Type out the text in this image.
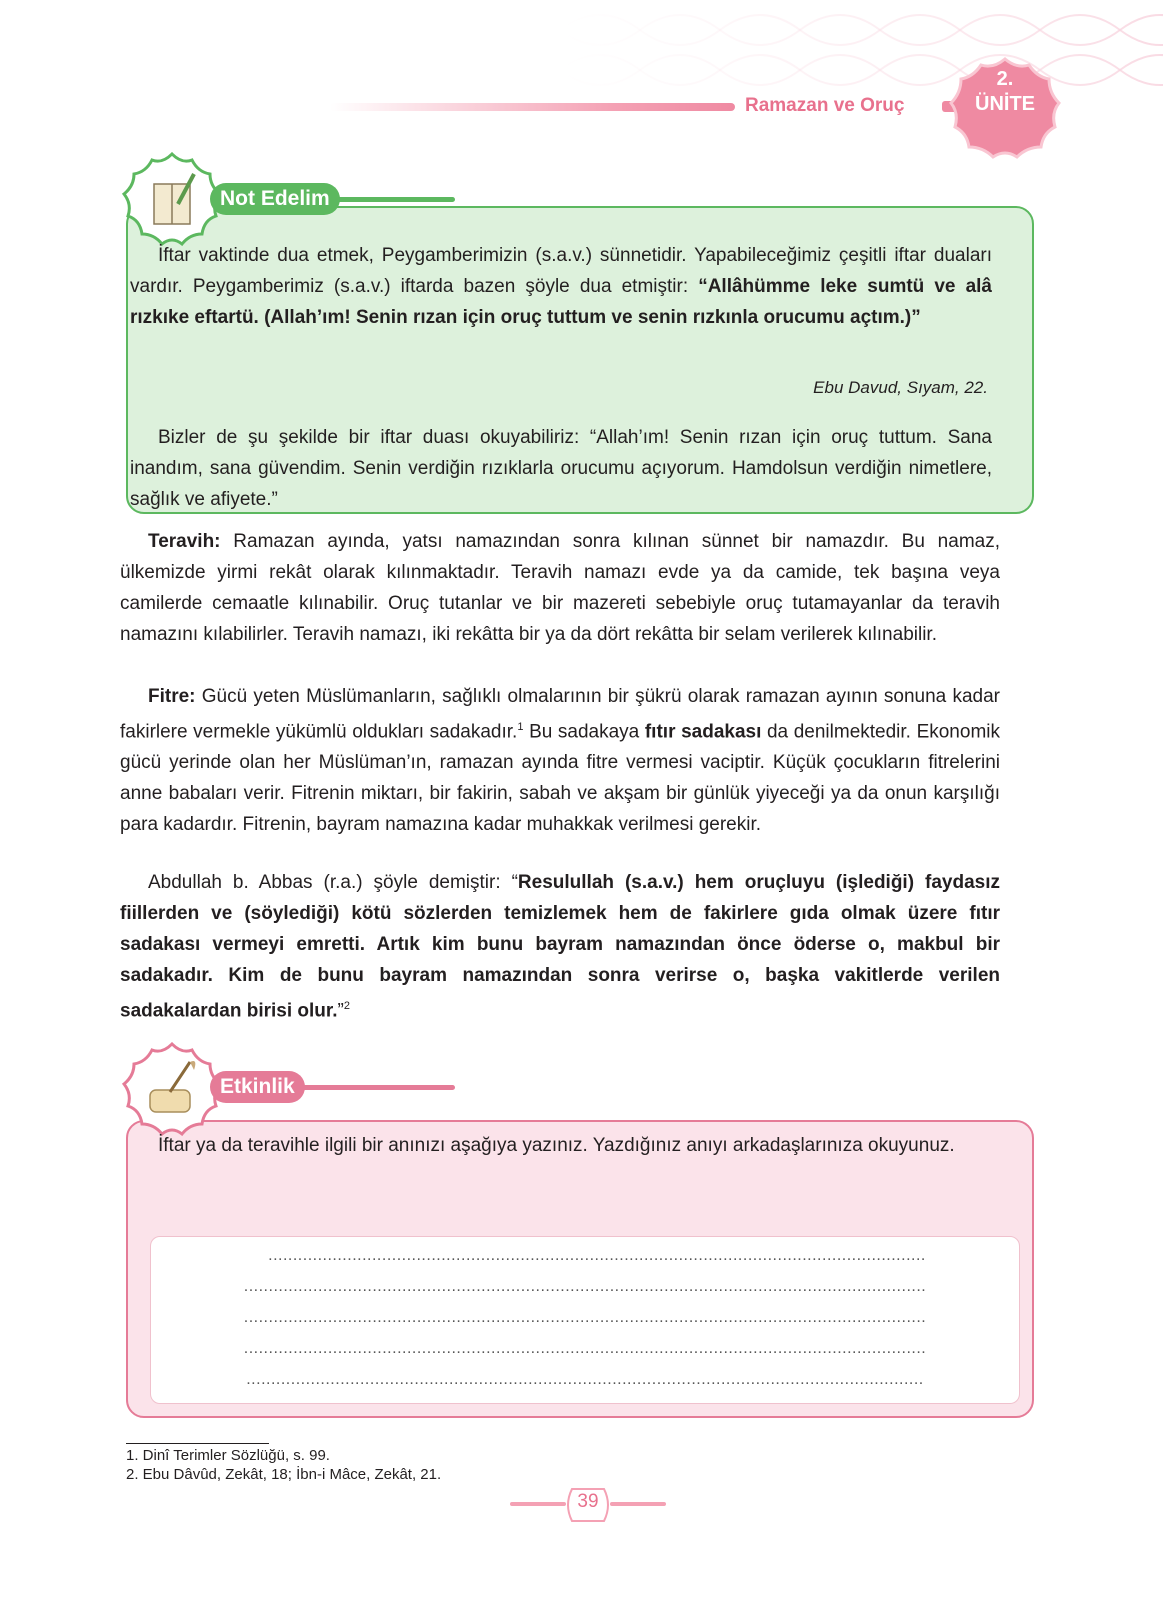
Ramazan ve Oruç
2.
ÜNİTE
Not Edelim

İftar vaktinde dua etmek, Peygamberimizin (s.a.v.) sünnetidir. Yapabileceğimiz çeşitli iftar duaları vardır. Peygamberimiz (s.a.v.) iftarda bazen şöyle dua etmiştir: “Allâhümme leke sumtü ve alâ rızkıke eftartü. (Allah’ım! Senin rızan için oruç tuttum ve senin rızkınla orucumu açtım.)”

Ebu Davud, Sıyam, 22.

Bizler de şu şekilde bir iftar duası okuyabiliriz: “Allah’ım! Senin rızan için oruç tuttum. Sana inandım, sana güvendim. Senin verdiğin rızıklarla orucumu açıyorum. Hamdolsun verdiğin nimetlere, sağlık ve afiyete.”

Teravih: Ramazan ayında, yatsı namazından sonra kılınan sünnet bir namazdır. Bu namaz, ülkemizde yirmi rekât olarak kılınmaktadır. Teravih namazı evde ya da camide, tek başına veya camilerde cemaatle kılınabilir. Oruç tutanlar ve bir mazereti sebebiyle oruç tutamayanlar da teravih namazını kılabilirler. Teravih namazı, iki rekâtta bir ya da dört rekâtta bir selam verilerek kılınabilir.

Fitre: Gücü yeten Müslümanların, sağlıklı olmalarının bir şükrü olarak ramazan ayının sonuna kadar fakirlere vermekle yükümlü oldukları sadakadır.$^1$ Bu sadakaya fıtır sadakası da denilmektedir. Ekonomik gücü yerinde olan her Müslüman’ın, ramazan ayında fitre vermesi vaciptir. Küçük çocukların fitrelerini anne babaları verir. Fitrenin miktarı, bir fakirin, sabah ve akşam bir günlük yiyeceği ya da onun karşılığı para kadardır. Fitrenin, bayram namazına kadar muhakkak verilmesi gerekir.

Abdullah b. Abbas (r.a.) şöyle demiştir: “Resulullah (s.a.v.) hem oruçluyu (işlediği) faydasız fiillerden ve (söylediği) kötü sözlerden temizlemek hem de fakirlere gıda olmak üzere fıtır sadakası vermeyi emretti. Artık kim bunu bayram namazından önce öderse o, makbul bir sadakadır. Kim de bunu bayram namazından sonra verirse o, başka vakitlerde verilen sadakalardan birisi olur.”$^2$

Etkinlik

İftar ya da teravihle ilgili bir anınızı aşağıya yazınız. Yazdığınız anıyı arkadaşlarınıza okuyunuz.

.....................................................................................................................................
..........................................................................................................................................
..........................................................................................................................................
..........................................................................................................................................
.........................................................................................................................................
1. Dinî Terimler Sözlüğü, s. 99.
2. Ebu Dâvûd, Zekât, 18; İbn-i Mâce, Zekât, 21.
39
